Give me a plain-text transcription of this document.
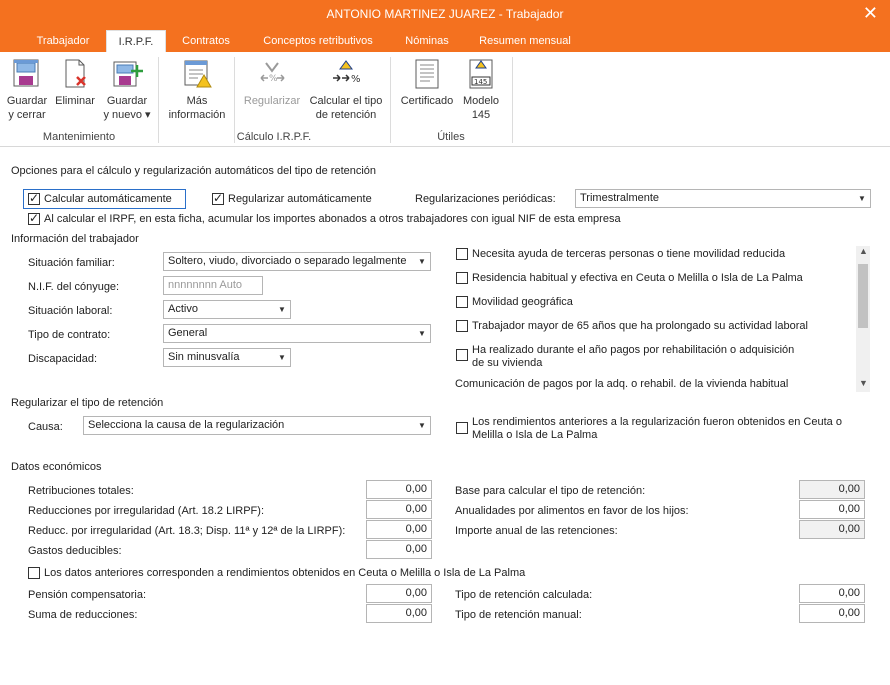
ANTONIO MARTINEZ JUAREZ - Trabajador	✕
Trabajador	I.R.P.F.	Contratos	Conceptos retributivos	Nóminas	Resumen mensual
Guardar
y cerrar
Eliminar	Guardar
y nuevo ▾
Mantenimiento
Más
información
%
Regularizar
%
Calcular el tipo
de retención
Cálculo I.R.P.F.
Certificado
145
Modelo
145
Útiles
Opciones para el cálculo y regularización automáticos del tipo de retención
✓
Calcular automáticamente
✓	Regularizar automáticamente	Regularizaciones periódicas:	Trimestralmente	▼
✓
Al calcular el IRPF, en esta ficha, acumular los importes abonados a otros trabajadores con igual NIF de esta empresa
Información del trabajador
Situación familiar:	Soltero, viudo, divorciado o separado legalmente	▼
N.I.F. del cónyuge:	nnnnnnnn Auto
Situación laboral:	Activo	▼
Tipo de contrato:	General	▼
Discapacidad:	Sin minusvalía	▼
Necesita ayuda de terceras personas o tiene movilidad reducida
Residencia habitual y efectiva en Ceuta o Melilla o Isla de La Palma
Movilidad geográfica
Trabajador mayor de 65 años que ha prolongado su actividad laboral
Ha realizado durante el año pagos por rehabilitación o adquisición
de su vivienda
Comunicación de pagos por la adq. o rehabil. de la vivienda habitual
▲
▼
Regularizar el tipo de retención
Causa:	Selecciona la causa de la regularización	▼	Los rendimientos anteriores a la regularización fueron obtenidos en Ceuta o
Melilla o Isla de La Palma
Datos económicos
Retribuciones totales:	0,00
Reducciones por irregularidad (Art. 18.2 LIRPF):	0,00
Reducc. por irregularidad (Art. 18.3; Disp. 11ª y 12ª de la LIRPF):	0,00
Gastos deducibles:	0,00
Los datos anteriores corresponden a rendimientos obtenidos en Ceuta o Melilla o Isla de La Palma
Pensión compensatoria:	0,00
Suma de reducciones:	0,00
Base para calcular el tipo de retención:	0,00
Anualidades por alimentos en favor de los hijos:	0,00
Importe anual de las retenciones:	0,00
Tipo de retención calculada:	0,00
Tipo de retención manual:	0,00
